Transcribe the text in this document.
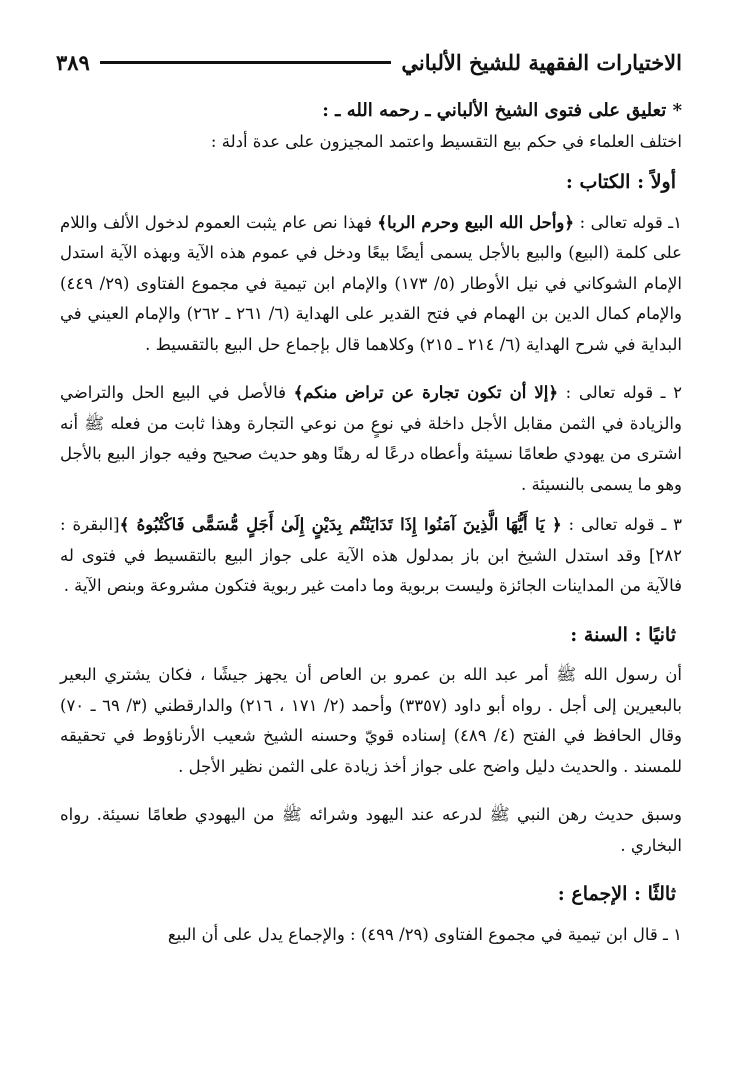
الاختيارات الفقهية للشيخ الألباني
٣٨٩

* تعليق على فتوى الشيخ الألباني ـ رحمه الله ـ :

اختلف العلماء في حكم بيع التقسيط واعتمد المجيزون على عدة أدلة :

أولاً : الكتاب :

١ـ قوله تعالى : ﴿وأحل الله البيع وحرم الربا﴾ فهذا نص عام يثبت العموم لدخول الألف واللام على كلمة (البيع) والبيع بالأجل يسمى أيضًا بيعًا ودخل في عموم هذه الآية وبهذه الآية استدل الإمام الشوكاني في نيل الأوطار (٥/ ١٧٣) والإمام ابن تيمية في مجموع الفتاوى (٢٩/ ٤٤٩) والإمام كمال الدين بن الهمام في فتح القدير على الهداية (٦/ ٢٦١ ـ ٢٦٢) والإمام العيني في البداية في شرح الهداية (٦/ ٢١٤ ـ ٢١٥) وكلاهما قال بإجماع حل البيع بالتقسيط .

٢ ـ قوله تعالى : ﴿إلا أن تكون تجارة عن تراض منكم﴾ فالأصل في البيع الحل والتراضي والزيادة في الثمن مقابل الأجل داخلة في نوعٍ من نوعي التجارة وهذا ثابت من فعله ﷺ أنه اشترى من يهودي طعامًا نسيئة وأعطاه درعًا له رهنًا وهو حديث صحيح وفيه جواز البيع بالأجل وهو ما يسمى بالنسيئة .

٣ ـ قوله تعالى : ﴿ يَا أَيُّهَا الَّذِينَ آمَنُوا إِذَا تَدَايَنْتُم بِدَيْنٍ إِلَىٰ أَجَلٍ مُّسَمًّى فَاكْتُبُوهُ ﴾[البقرة : ٢٨٢] وقد استدل الشيخ ابن باز بمدلول هذه الآية على جواز البيع بالتقسيط في فتوى له فالآية من المداينات الجائزة وليست بربوية وما دامت غير ربوية فتكون مشروعة وبنص الآية .

ثانيًا : السنة :

أن رسول الله ﷺ أمر عبد الله بن عمرو بن العاص أن يجهز جيشًا ، فكان يشتري البعير بالبعيرين إلى أجل . رواه أبو داود (٣٣٥٧) وأحمد (٢/ ١٧١ ، ٢١٦) والدارقطني (٣/ ٦٩ ـ ٧٠) وقال الحافظ في الفتح (٤/ ٤٨٩) إسناده قويّ وحسنه الشيخ شعيب الأرناؤوط في تحقيقه للمسند . والحديث دليل واضح على جواز أخذ زيادة على الثمن نظير الأجل .

وسبق حديث رهن النبي ﷺ لدرعه عند اليهود وشرائه ﷺ من اليهودي طعامًا نسيئة. رواه البخاري .

ثالثًا : الإجماع :

١ ـ قال ابن تيمية في مجموع الفتاوى (٢٩/ ٤٩٩) : والإجماع يدل على أن البيع
